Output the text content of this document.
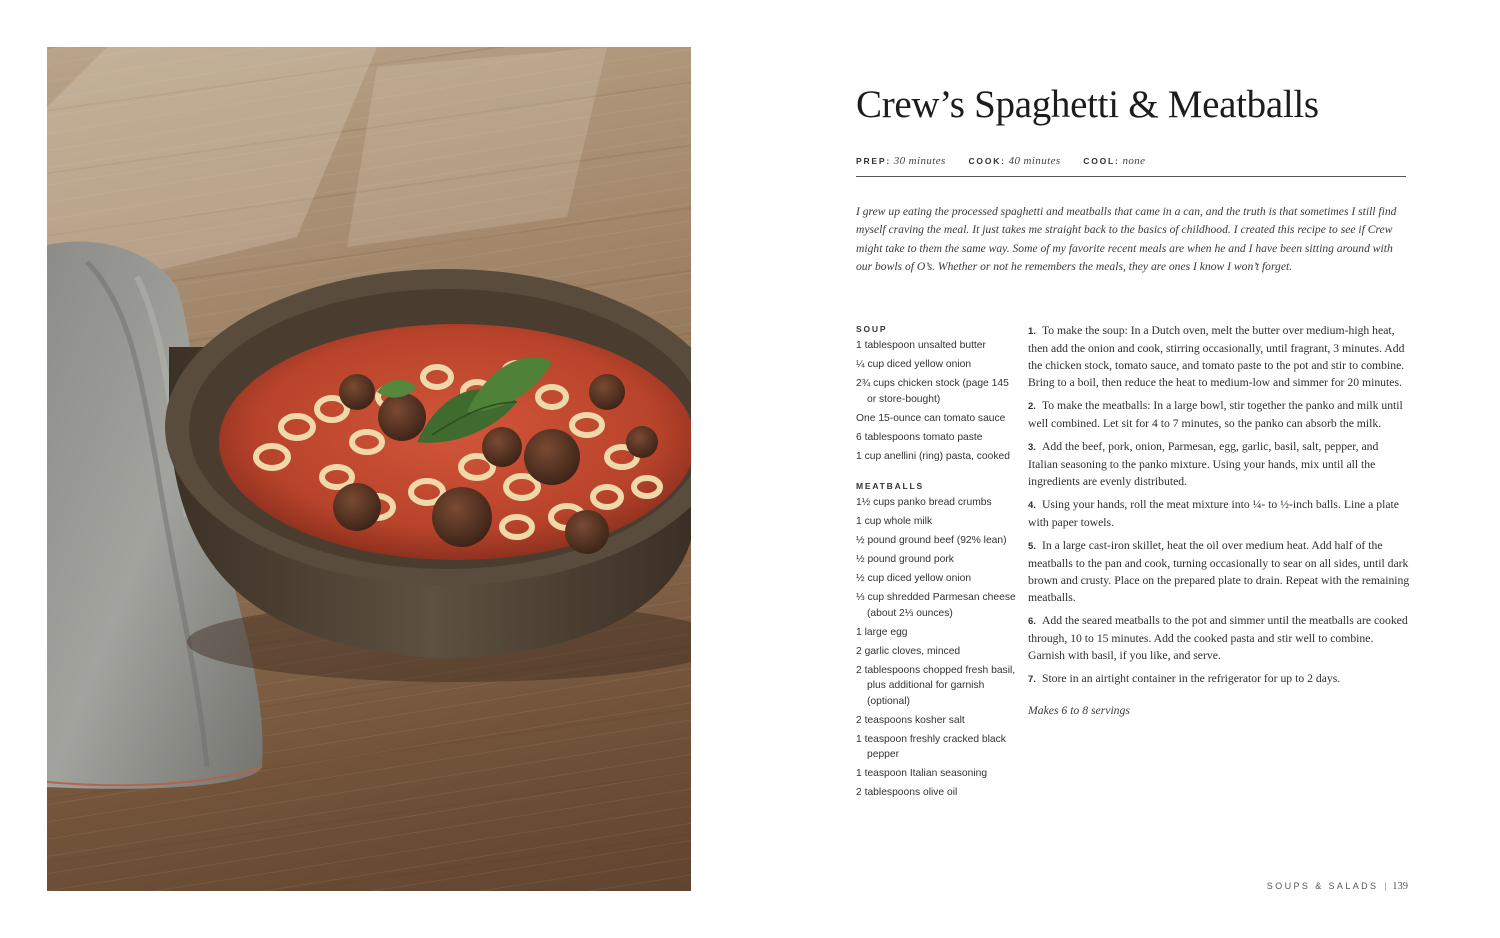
Crew’s Spaghetti & Meatballs
PREP: 30 minutes	COOK: 40 minutes	COOL: none

I grew up eating the processed spaghetti and meatballs that came in a can, and the truth is that sometimes I still find myself craving the meal. It just takes me straight back to the basics of childhood. I created this recipe to see if Crew might take to them the same way. Some of my favorite recent meals are when he and I have been sitting around with our bowls of O’s. Whether or not he remembers the meals, they are ones I know I won’t forget.

SOUP
1 tablespoon unsalted butter
¼ cup diced yellow onion
2¾ cups chicken stock (page 145 or store-bought)
One 15-ounce can tomato sauce
6 tablespoons tomato paste
1 cup anellini (ring) pasta, cooked
MEATBALLS
1½ cups panko bread crumbs
1 cup whole milk
½ pound ground beef (92% lean)
½ pound ground pork
½ cup diced yellow onion
⅓ cup shredded Parmesan cheese (about 2⅓ ounces)
1 large egg
2 garlic cloves, minced
2 tablespoons chopped fresh basil, plus additional for garnish (optional)
2 teaspoons kosher salt
1 teaspoon freshly cracked black pepper
1 teaspoon Italian seasoning
2 tablespoons olive oil
1. To make the soup: In a Dutch oven, melt the butter over medium-high heat, then add the onion and cook, stirring occasionally, until fragrant, 3 minutes. Add the chicken stock, tomato sauce, and tomato paste to the pot and stir to combine. Bring to a boil, then reduce the heat to medium-low and simmer for 20 minutes.
2. To make the meatballs: In a large bowl, stir together the panko and milk until well combined. Let sit for 4 to 7 minutes, so the panko can absorb the milk.
3. Add the beef, pork, onion, Parmesan, egg, garlic, basil, salt, pepper, and Italian seasoning to the panko mixture. Using your hands, mix until all the ingredients are evenly distributed.
4. Using your hands, roll the meat mixture into ¼- to ½-inch balls. Line a plate with paper towels.
5. In a large cast-iron skillet, heat the oil over medium heat. Add half of the meatballs to the pan and cook, turning occasionally to sear on all sides, until dark brown and crusty. Place on the prepared plate to drain. Repeat with the remaining meatballs.
6. Add the seared meatballs to the pot and simmer until the meatballs are cooked through, 10 to 15 minutes. Add the cooked pasta and stir well to combine. Garnish with basil, if you like, and serve.
7. Store in an airtight container in the refrigerator for up to 2 days.
Makes 6 to 8 servings
SOUPS & SALADS | 139
